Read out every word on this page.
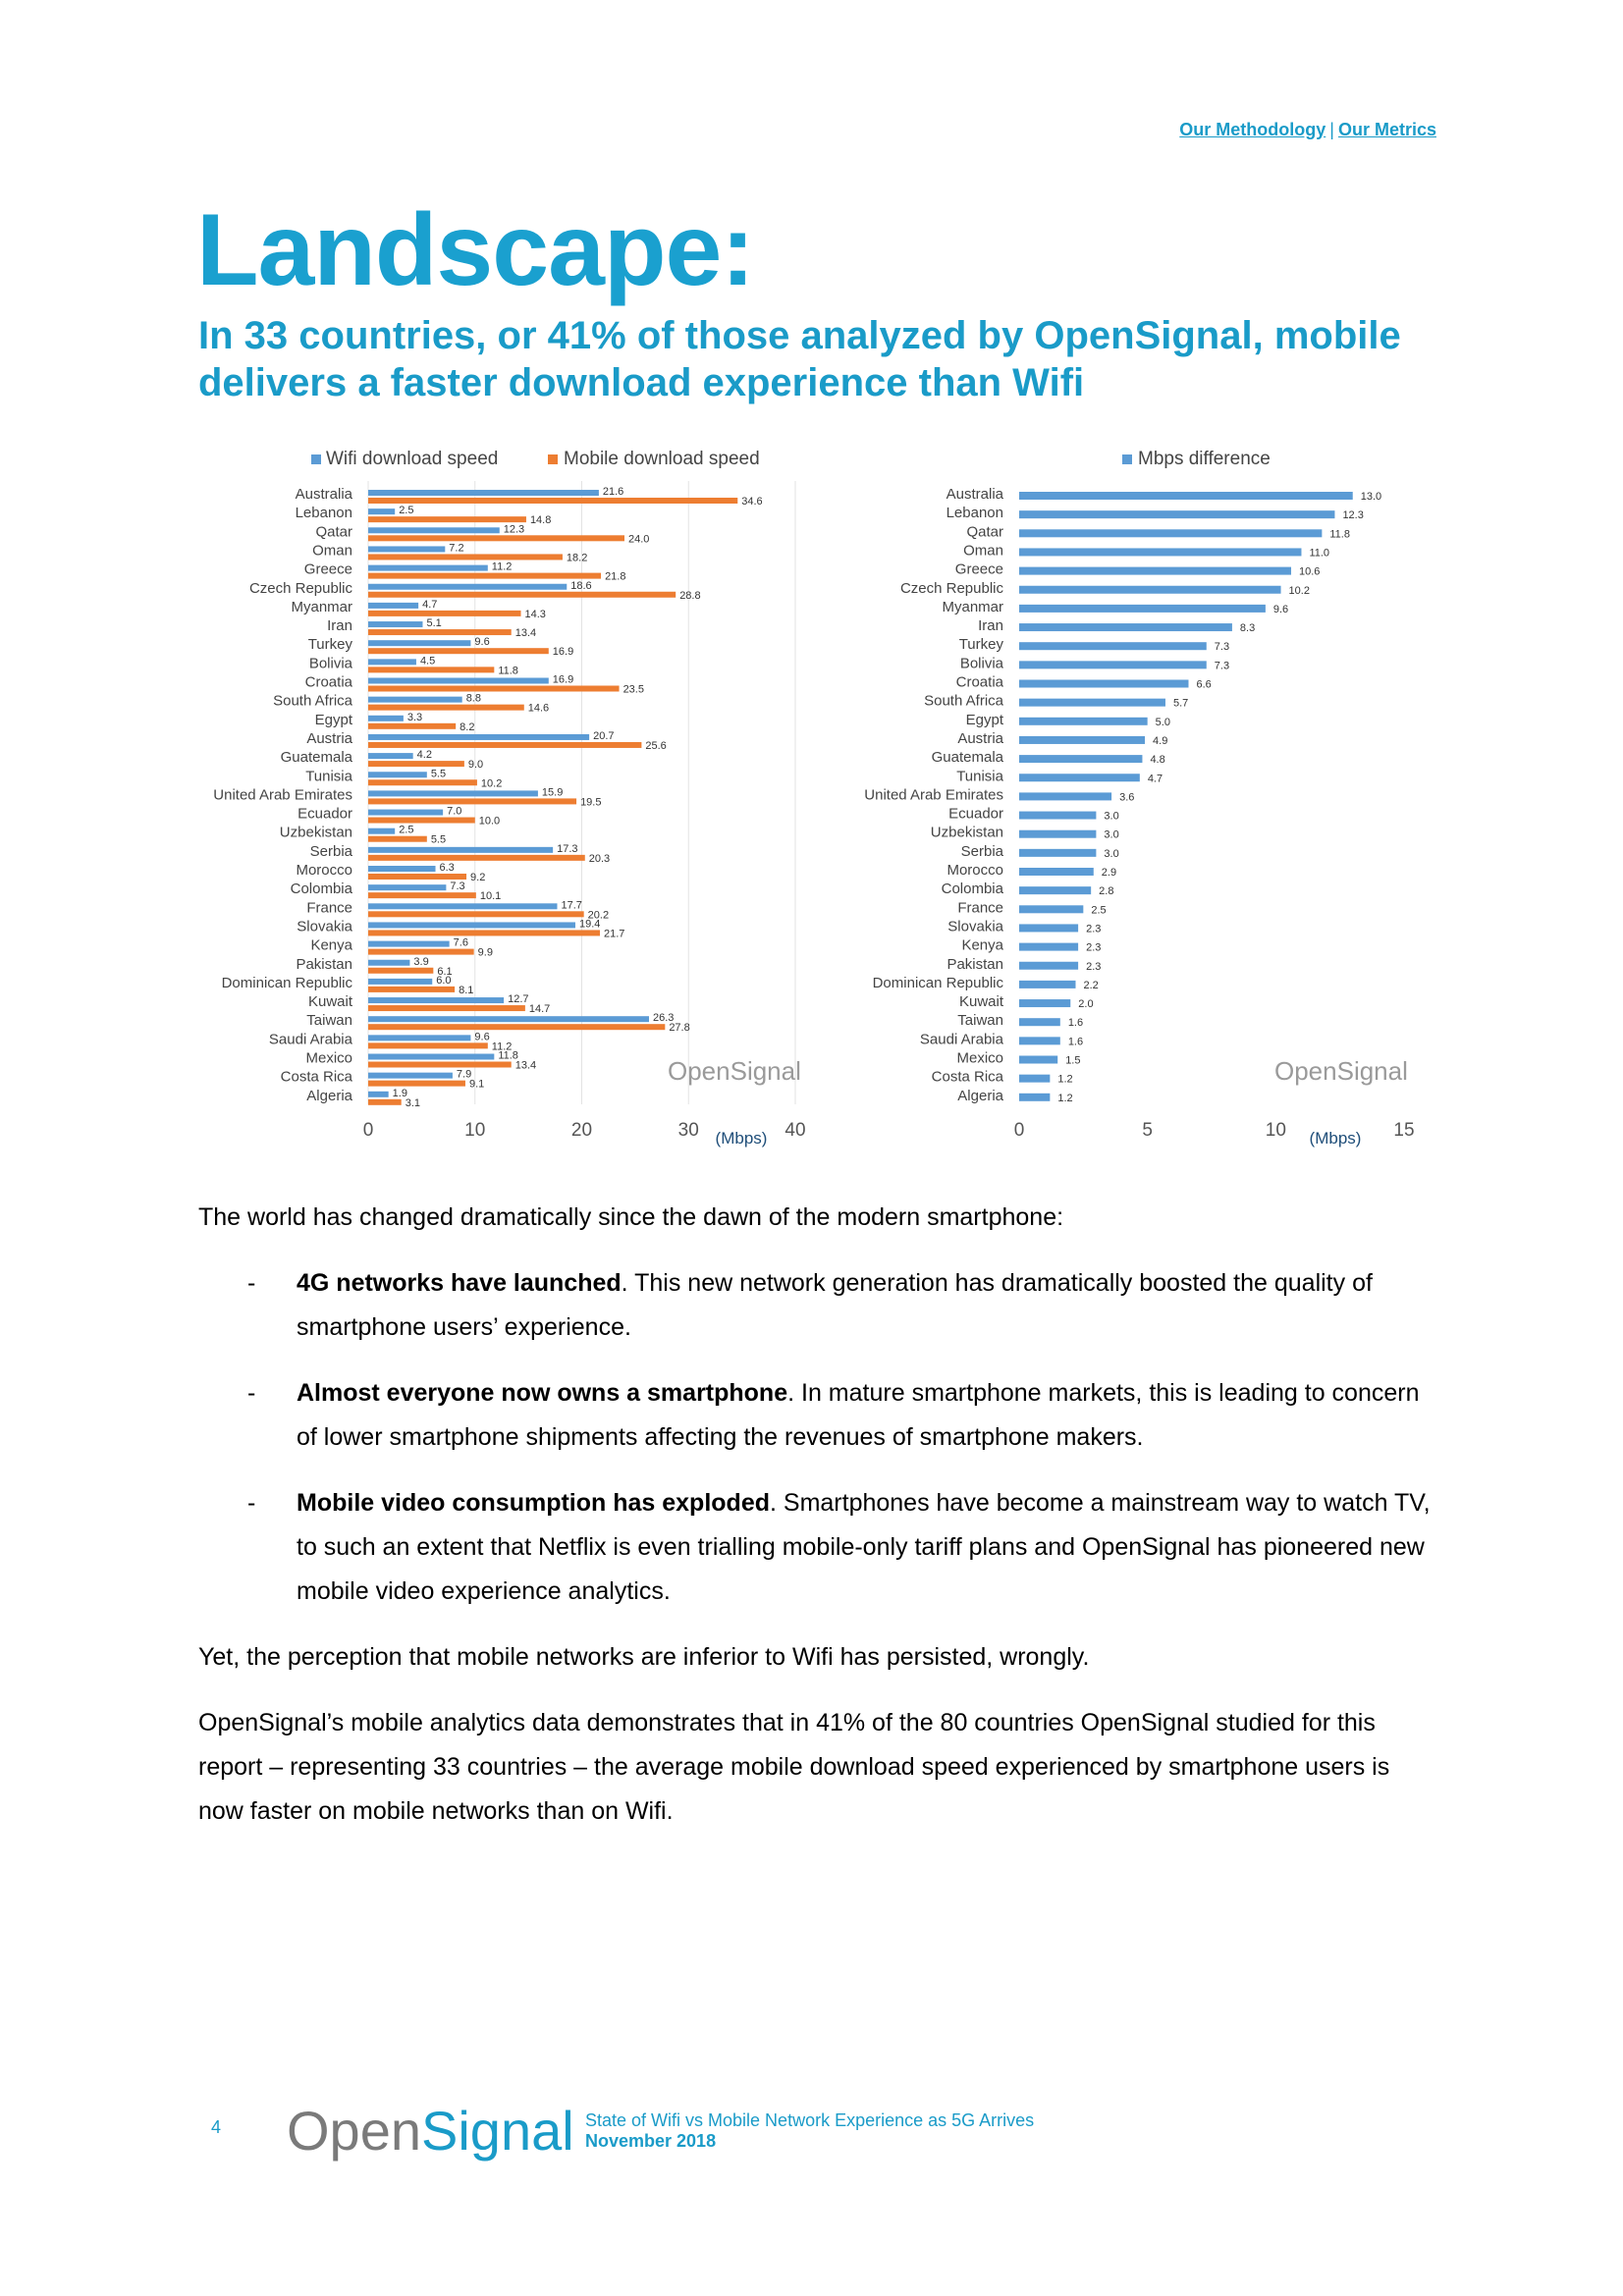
Our Methodology | Our Metrics
Landscape:

In 33 countries, or 41% of those analyzed by OpenSignal, mobile delivers a faster download experience than Wifi

0	10	20	30	40
(Mbps)
Wifi download speed	Mobile download speed
OpenSignal
Australia	21.6
34.6
Lebanon	2.5
14.8
Qatar	12.3
24.0
Oman	7.2
18.2
Greece	11.2
21.8
Czech Republic	18.6
28.8
Myanmar	4.7
14.3
Iran	5.1
13.4
Turkey	9.6
16.9
Bolivia	4.5
11.8
Croatia	16.9
23.5
South Africa	8.8
14.6
Egypt	3.3
8.2
Austria	20.7
25.6
Guatemala	4.2
9.0
Tunisia	5.5
10.2
United Arab Emirates	15.9
19.5
Ecuador	7.0
10.0
Uzbekistan	2.5
5.5
Serbia	17.3
20.3
Morocco	6.3
9.2
Colombia	7.3
10.1
France	17.7
20.2
Slovakia	19.4
21.7
Kenya	7.6
9.9
Pakistan	3.9
6.1
Dominican Republic	6.0
8.1
Kuwait	12.7
14.7
Taiwan	26.3
27.8
Saudi Arabia	9.6
11.2
Mexico	11.8
13.4
Costa Rica	7.9
9.1
Algeria	1.9
3.1
0	5	10	15
(Mbps)
Mbps difference
OpenSignal
Australia	13.0
Lebanon	12.3
Qatar	11.8
Oman	11.0
Greece	10.6
Czech Republic	10.2
Myanmar	9.6
Iran	8.3
Turkey	7.3
Bolivia	7.3
Croatia	6.6
South Africa	5.7
Egypt	5.0
Austria	4.9
Guatemala	4.8
Tunisia	4.7
United Arab Emirates	3.6
Ecuador	3.0
Uzbekistan	3.0
Serbia	3.0
Morocco	2.9
Colombia	2.8
France	2.5
Slovakia	2.3
Kenya	2.3
Pakistan	2.3
Dominican Republic	2.2
Kuwait	2.0
Taiwan	1.6
Saudi Arabia	1.6
Mexico	1.5
Costa Rica	1.2
Algeria	1.2

The world has changed dramatically since the dawn of the modern smartphone:

- 4G networks have launched. This new network generation has dramatically boosted the quality of smartphone users’ experience.
- Almost everyone now owns a smartphone. In mature smartphone markets, this is leading to concern of lower smartphone shipments affecting the revenues of smartphone makers.
- Mobile video consumption has exploded. Smartphones have become a mainstream way to watch TV, to such an extent that Netflix is even trialling mobile-only tariff plans and OpenSignal has pioneered new mobile video experience analytics.

Yet, the perception that mobile networks are inferior to Wifi has persisted, wrongly.

OpenSignal’s mobile analytics data demonstrates that in 41% of the 80 countries OpenSignal studied for this report – representing 33 countries – the average mobile download speed experienced by smartphone users is now faster on mobile networks than on Wifi.

4 OpenSignal State of Wifi vs Mobile Network Experience as 5G Arrives
November 2018
